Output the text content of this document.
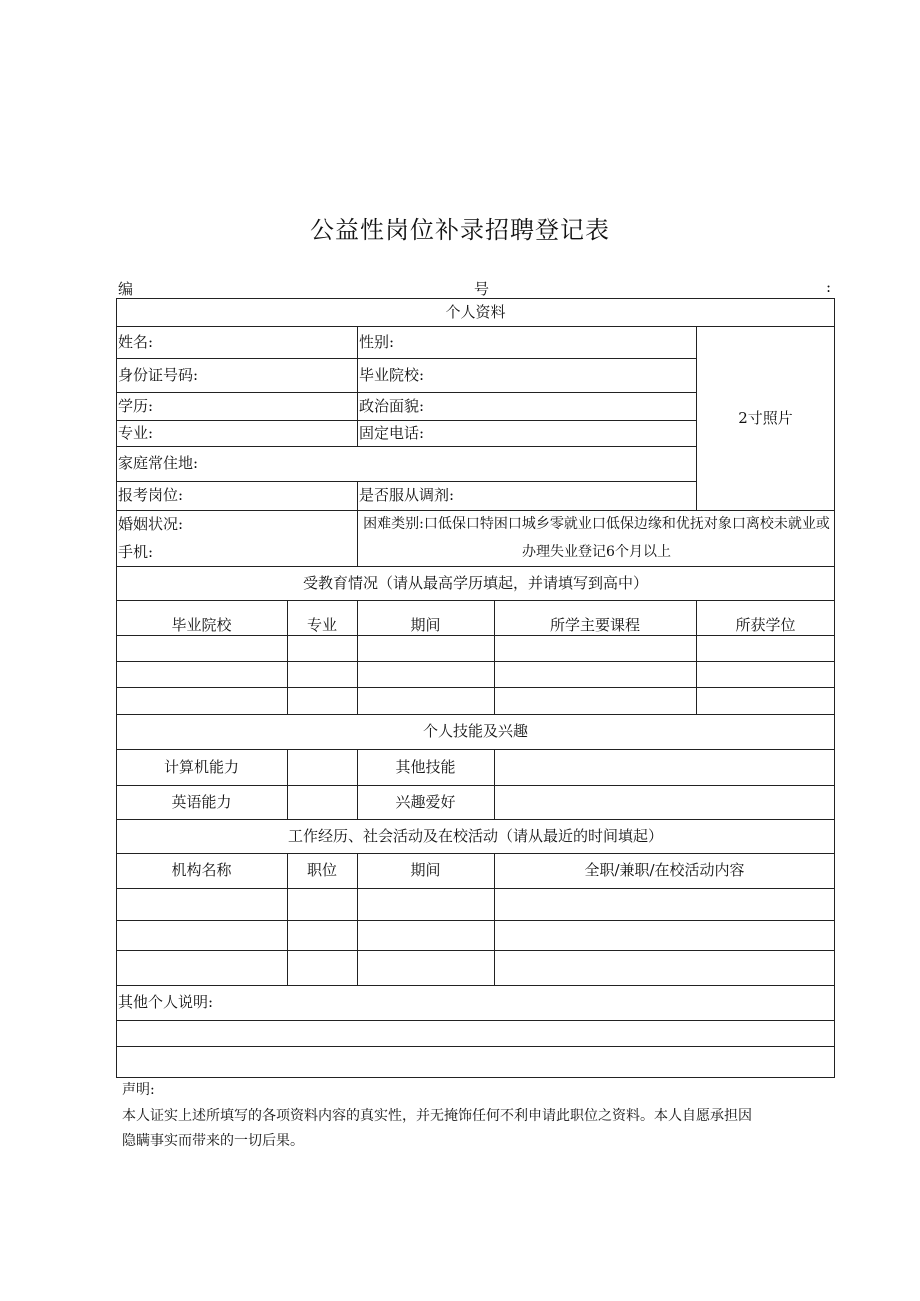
公益性岗位补录招聘登记表
编	号	:
个人资料
姓名:	性别:
身份证号码:	毕业院校:
学历:	政治面貌:
专业:	固定电话:
家庭常住地:
报考岗位:	是否服从调剂:
2寸照片
婚姻状况:
手机:
困难类别:口低保口特困口城乡零就业口低保边缘和优抚对象口离校未就业或办理失业登记6个月以上
受教育情况（请从最高学历填起，并请填写到高中）
毕业院校	专业	期间	所学主要课程	所获学位
个人技能及兴趣
计算机能力	其他技能
英语能力	兴趣爱好
工作经历、社会活动及在校活动（请从最近的时间填起）
机构名称	职位	期间	全职/兼职/在校活动内容
其他个人说明:
声明:
本人证实上述所填写的各项资料内容的真实性，并无掩饰任何不利申请此职位之资料。本人自愿承担因
隐瞒事实而带来的一切后果。
